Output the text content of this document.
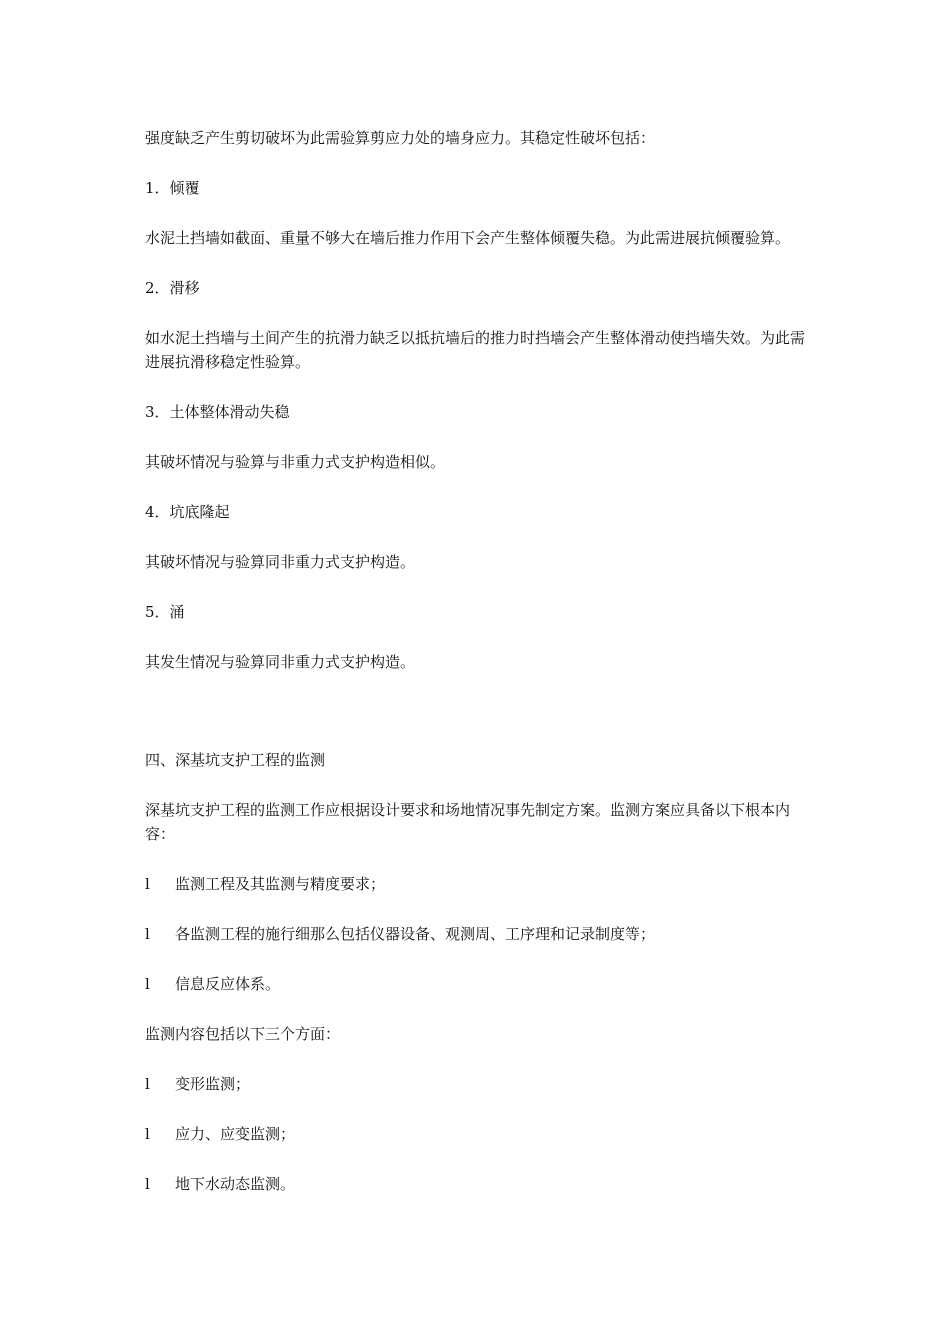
强度缺乏产生剪切破坏为此需验算剪应力处的墙身应力。其稳定性破坏包括：

1．倾覆

水泥土挡墙如截面、重量不够大在墙后推力作用下会产生整体倾覆失稳。为此需进展抗倾覆验算。

2．滑移

如水泥土挡墙与土间产生的抗滑力缺乏以抵抗墙后的推力时挡墙会产生整体滑动使挡墙失效。为此需进展抗滑移稳定性验算。

3．土体整体滑动失稳

其破坏情况与验算与非重力式支护构造相似。

4．坑底隆起

其破坏情况与验算同非重力式支护构造。

5．涌

其发生情况与验算同非重力式支护构造。

四、深基坑支护工程的监测

深基坑支护工程的监测工作应根据设计要求和场地情况事先制定方案。监测方案应具备以下根本内容：

l	监测工程及其监测与精度要求；
l	各监测工程的施行细那么包括仪器设备、观测周、工序理和记录制度等；
l	信息反应体系。

监测内容包括以下三个方面：

l	变形监测；
l	应力、应变监测；
l	地下水动态监测。
